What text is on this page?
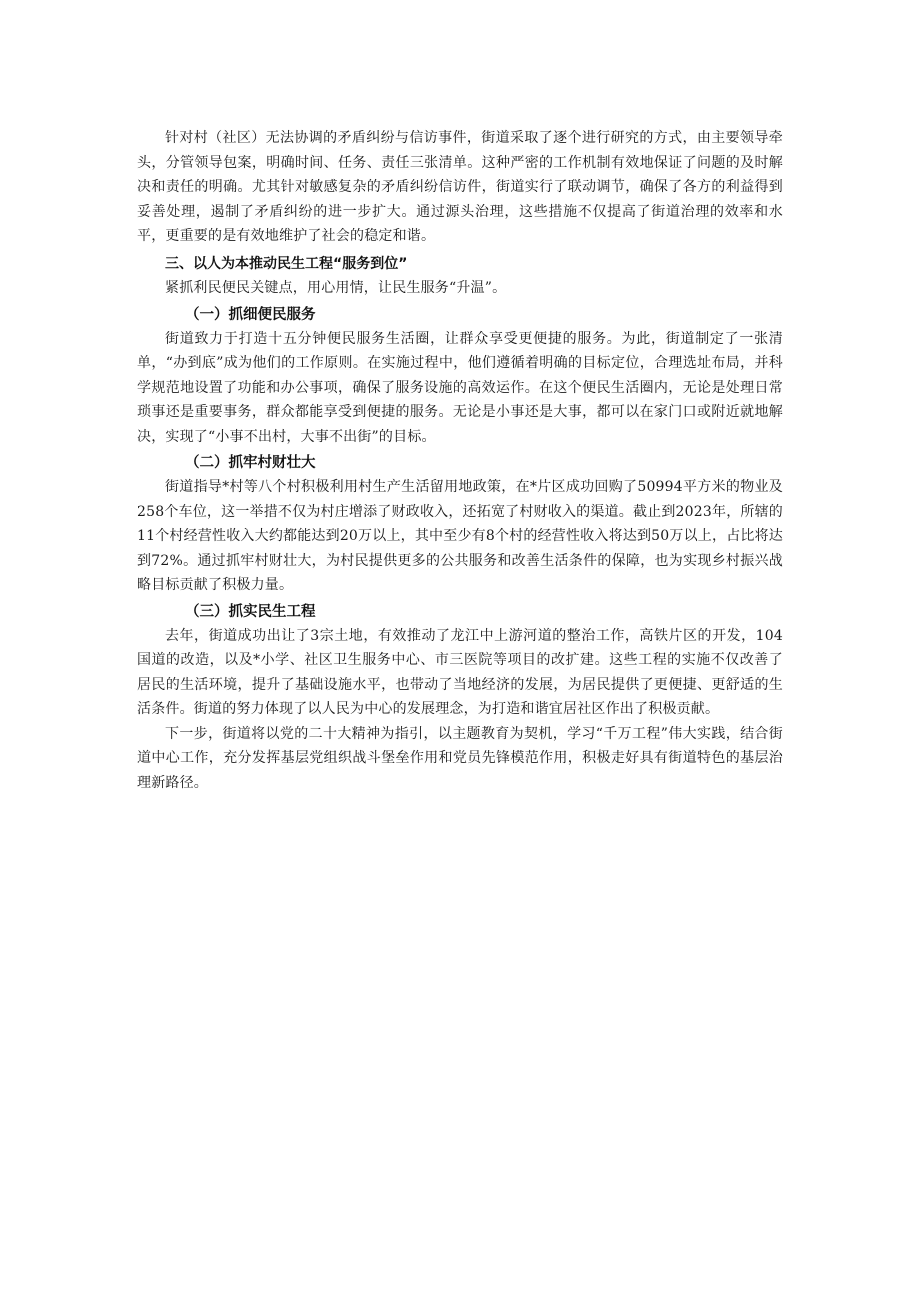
针对村（社区）无法协调的矛盾纠纷与信访事件，街道采取了逐个进行研究的方式，由主要领导牵头，分管领导包案，明确时间、任务、责任三张清单。这种严密的工作机制有效地保证了问题的及时解决和责任的明确。尤其针对敏感复杂的矛盾纠纷信访件，街道实行了联动调节，确保了各方的利益得到妥善处理，遏制了矛盾纠纷的进一步扩大。通过源头治理，这些措施不仅提高了街道治理的效率和水平，更重要的是有效地维护了社会的稳定和谐。

三、以人为本推动民生工程“服务到位”

紧抓利民便民关键点，用心用情，让民生服务“升温”。

（一）抓细便民服务

街道致力于打造十五分钟便民服务生活圈，让群众享受更便捷的服务。为此，街道制定了一张清单，“办到底”成为他们的工作原则。在实施过程中，他们遵循着明确的目标定位，合理选址布局，并科学规范地设置了功能和办公事项，确保了服务设施的高效运作。在这个便民生活圈内，无论是处理日常琐事还是重要事务，群众都能享受到便捷的服务。无论是小事还是大事，都可以在家门口或附近就地解决，实现了“小事不出村，大事不出街”的目标。

（二）抓牢村财壮大

街道指导*村等八个村积极利用村生产生活留用地政策，在*片区成功回购了50994平方米的物业及258个车位，这一举措不仅为村庄增添了财政收入，还拓宽了村财收入的渠道。截止到2023年，所辖的11个村经营性收入大约都能达到20万以上，其中至少有8个村的经营性收入将达到50万以上，占比将达到72%。通过抓牢村财壮大，为村民提供更多的公共服务和改善生活条件的保障，也为实现乡村振兴战略目标贡献了积极力量。

（三）抓实民生工程

去年，街道成功出让了3宗土地，有效推动了龙江中上游河道的整治工作，高铁片区的开发，104国道的改造，以及*小学、社区卫生服务中心、市三医院等项目的改扩建。这些工程的实施不仅改善了居民的生活环境，提升了基础设施水平，也带动了当地经济的发展，为居民提供了更便捷、更舒适的生活条件。街道的努力体现了以人民为中心的发展理念，为打造和谐宜居社区作出了积极贡献。

下一步，街道将以党的二十大精神为指引，以主题教育为契机，学习“千万工程”伟大实践，结合街道中心工作，充分发挥基层党组织战斗堡垒作用和党员先锋模范作用，积极走好具有街道特色的基层治理新路径。
